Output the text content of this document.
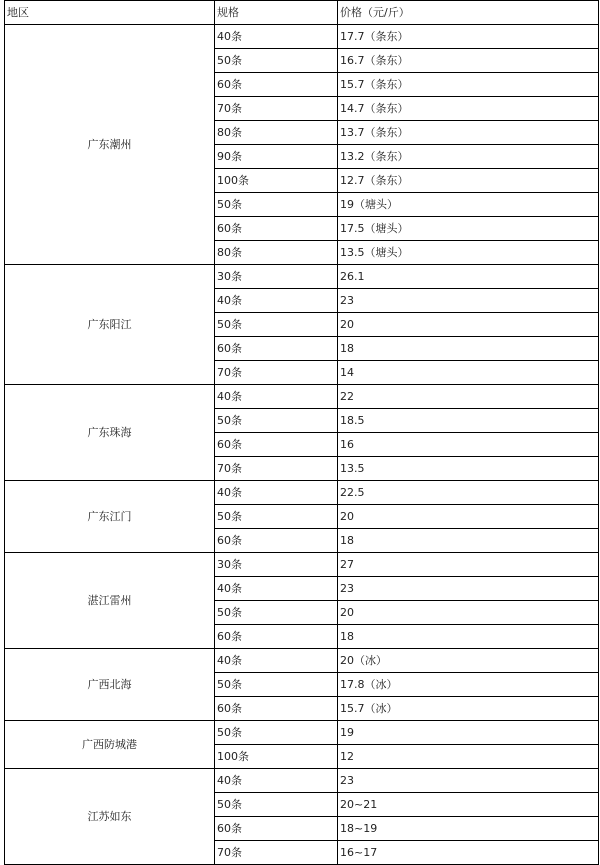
地区	规格	价格（元/斤）
广东潮州	40条	17.7（条东）
	50条	16.7（条东）
	60条	15.7（条东）
	70条	14.7（条东）
	80条	13.7（条东）
	90条	13.2（条东）
	100条	12.7（条东）
	50条	19（塘头）
	60条	17.5（塘头）
	80条	13.5（塘头）
广东阳江	30条	26.1
	40条	23
	50条	20
	60条	18
	70条	14
广东珠海	40条	22
	50条	18.5
	60条	16
	70条	13.5
广东江门	40条	22.5
	50条	20
	60条	18
湛江雷州	30条	27
	40条	23
	50条	20
	60条	18
广西北海	40条	20（冰）
	50条	17.8（冰）
	60条	15.7（冰）
广西防城港	50条	19
	100条	12
江苏如东	40条	23
	50条	20~21
	60条	18~19
	70条	16~17
